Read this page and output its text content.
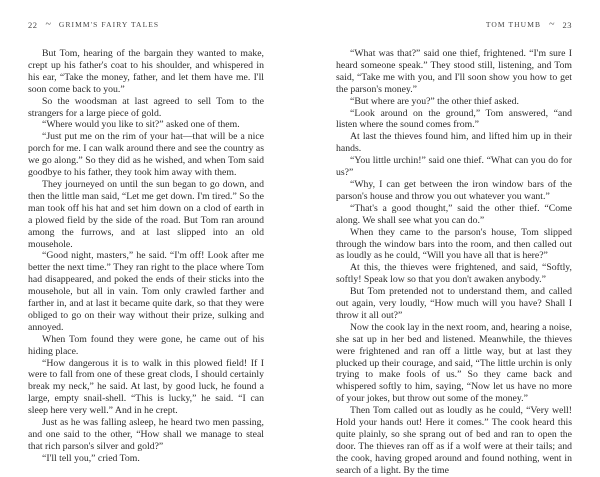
22 ~ GRIMM'S FAIRY TALES

But Tom, hearing of the bargain they wanted to make, crept up his father's coat to his shoulder, and whispered in his ear, “Take the money, father, and let them have me. I'll soon come back to you.”

So the woodsman at last agreed to sell Tom to the strangers for a large piece of gold.

“Where would you like to sit?” asked one of them.

“Just put me on the rim of your hat—that will be a nice porch for me. I can walk around there and see the country as we go along.” So they did as he wished, and when Tom said goodbye to his father, they took him away with them.

They journeyed on until the sun began to go down, and then the little man said, “Let me get down. I'm tired.” So the man took off his hat and set him down on a clod of earth in a plowed field by the side of the road. But Tom ran around among the furrows, and at last slipped into an old mousehole.

“Good night, masters,” he said. “I'm off! Look after me better the next time.” They ran right to the place where Tom had disappeared, and poked the ends of their sticks into the mousehole, but all in vain. Tom only crawled farther and farther in, and at last it became quite dark, so that they were obliged to go on their way without their prize, sulking and annoyed.

When Tom found they were gone, he came out of his hiding place.

“How dangerous it is to walk in this plowed field! If I were to fall from one of these great clods, I should certainly break my neck,” he said. At last, by good luck, he found a large, empty snail-shell. “This is lucky,” he said. “I can sleep here very well.” And in he crept.

Just as he was falling asleep, he heard two men passing, and one said to the other, “How shall we manage to steal that rich parson's silver and gold?”

“I'll tell you,” cried Tom.

TOM THUMB ~ 23

“What was that?” said one thief, frightened. “I'm sure I heard someone speak.” They stood still, listening, and Tom said, “Take me with you, and I'll soon show you how to get the parson's money.”

“But where are you?” the other thief asked.

“Look around on the ground,” Tom answered, “and listen where the sound comes from.”

At last the thieves found him, and lifted him up in their hands.

“You little urchin!” said one thief. “What can you do for us?”

“Why, I can get between the iron window bars of the parson's house and throw you out whatever you want.”

“That's a good thought,” said the other thief. “Come along. We shall see what you can do.”

When they came to the parson's house, Tom slipped through the window bars into the room, and then called out as loudly as he could, “Will you have all that is here?”

At this, the thieves were frightened, and said, “Softly, softly! Speak low so that you don't awaken anybody.”

But Tom pretended not to understand them, and called out again, very loudly, “How much will you have? Shall I throw it all out?”

Now the cook lay in the next room, and, hearing a noise, she sat up in her bed and listened. Meanwhile, the thieves were frightened and ran off a little way, but at last they plucked up their courage, and said, “The little urchin is only trying to make fools of us.” So they came back and whispered softly to him, saying, “Now let us have no more of your jokes, but throw out some of the money.”

Then Tom called out as loudly as he could, “Very well! Hold your hands out! Here it comes.” The cook heard this quite plainly, so she sprang out of bed and ran to open the door. The thieves ran off as if a wolf were at their tails; and the cook, having groped around and found nothing, went in search of a light. By the time
